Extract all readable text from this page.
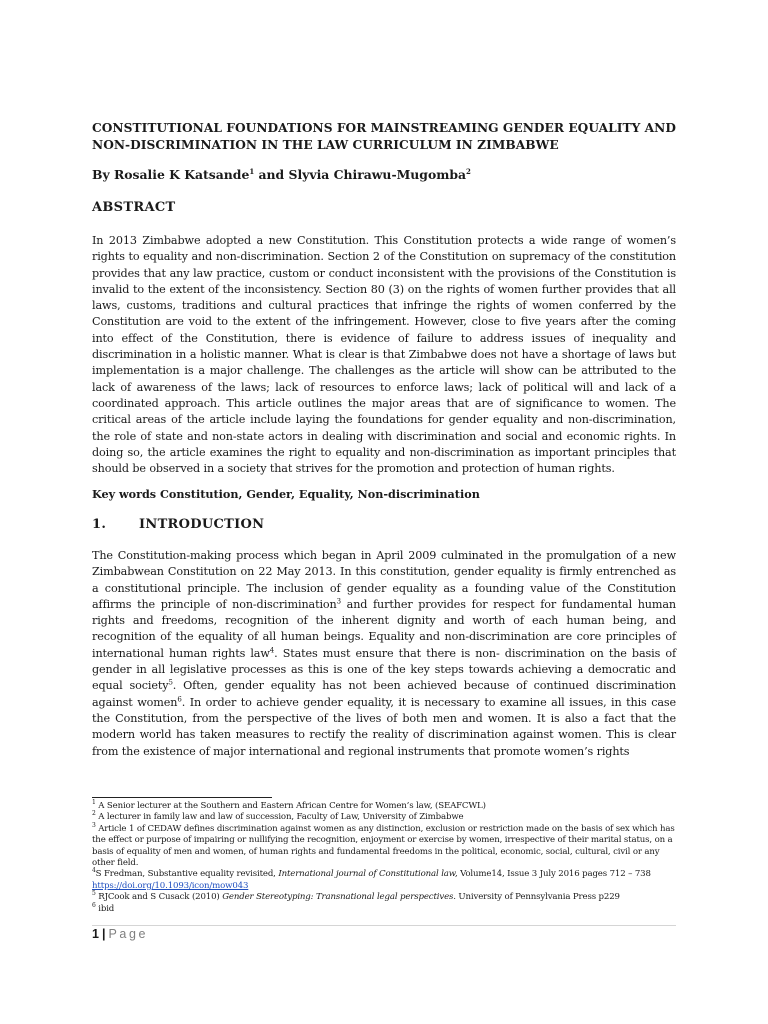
CONSTITUTIONAL FOUNDATIONS FOR MAINSTREAMING GENDER EQUALITY AND NON-DISCRIMINATION IN THE LAW CURRICULUM IN ZIMBABWE

By Rosalie K Katsande$^1$ and Slyvia Chirawu-Mugomba$^2$

ABSTRACT

In 2013 Zimbabwe adopted a new Constitution. This Constitution protects a wide range of women’s rights to equality and non-discrimination. Section 2 of the Constitution on supremacy of the constitution provides that any law practice, custom or conduct inconsistent with the provisions of the Constitution is invalid to the extent of the inconsistency. Section 80 (3) on the rights of women further provides that all laws, customs, traditions and cultural practices that infringe the rights of women conferred by the Constitution are void to the extent of the infringement. However, close to five years after the coming into effect of the Constitution, there is evidence of failure to address issues of inequality and discrimination in a holistic manner. What is clear is that Zimbabwe does not have a shortage of laws but implementation is a major challenge. The challenges as the article will show can be attributed to the lack of awareness of the laws; lack of resources to enforce laws; lack of political will and lack of a coordinated approach. This article outlines the major areas that are of significance to women. The critical areas of the article include laying the foundations for gender equality and non-discrimination, the role of state and non-state actors in dealing with discrimination and social and economic rights. In doing so, the article examines the right to equality and non-discrimination as important principles that should be observed in a society that strives for the promotion and protection of human rights.

Key words Constitution, Gender, Equality, Non-discrimination

1.	INTRODUCTION

The Constitution-making process which began in April 2009 culminated in the promulgation of a new Zimbabwean Constitution on 22 May 2013. In this constitution, gender equality is firmly entrenched as a constitutional principle. The inclusion of gender equality as a founding value of the Constitution affirms the principle of non-discrimination$^3$ and further provides for respect for fundamental human rights and freedoms, recognition of the inherent dignity and worth of each human being, and recognition of the equality of all human beings. Equality and non-discrimination are core principles of international human rights law$^4$. States must ensure that there is non- discrimination on the basis of gender in all legislative processes as this is one of the key steps towards achieving a democratic and equal society$^5$. Often, gender equality has not been achieved because of continued discrimination against women$^6$. In order to achieve gender equality, it is necessary to examine all issues, in this case the Constitution, from the perspective of the lives of both men and women. It is also a fact that the modern world has taken measures to rectify the reality of discrimination against women. This is clear from the existence of major international and regional instruments that promote women’s rights

$^1$ A Senior lecturer at the Southern and Eastern African Centre for Women’s law, (SEAFCWL)
$^2$ A lecturer in family law and law of succession, Faculty of Law, University of Zimbabwe
$^3$ Article 1 of CEDAW defines discrimination against women as any distinction, exclusion or restriction made on the basis of sex which has the effect or purpose of impairing or nullifying the recognition, enjoyment or exercise by women, irrespective of their marital status, on a basis of equality of men and women, of human rights and fundamental freedoms in the political, economic, social, cultural, civil or any other field.
$^4$S Fredman, Substantive equality revisited, International journal of Constitutional law, Volume14, Issue 3 July 2016 pages 712 – 738 https://doi.org/10.1093/icon/mow043
$^5$ RJCook and S Cusack (2010) Gender Stereotyping: Transnational legal perspectives. University of Pennsylvania Press p229
$^6$ ibid
1 | Page
